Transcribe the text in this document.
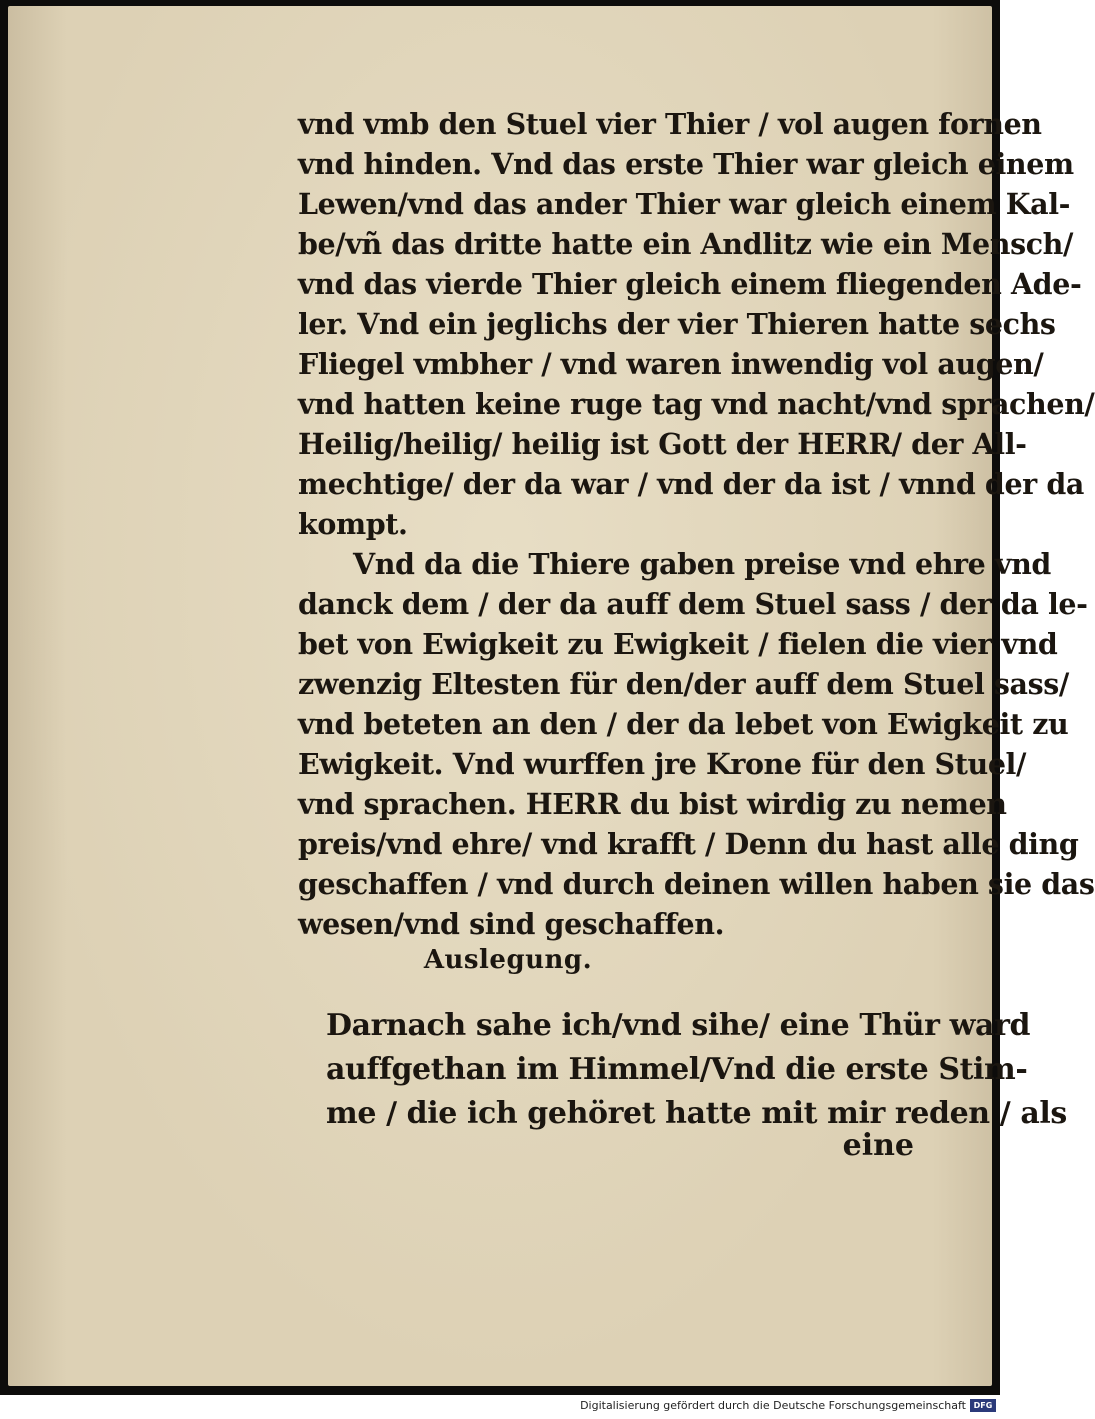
vnd vmb den Stuel vier Thier / vol augen fornen
vnd hinden. Vnd das erste Thier war gleich einem
Lewen/vnd das ander Thier war gleich einem Kal-
be/vñ das dritte hatte ein Andlitz wie ein Mensch/
vnd das vierde Thier gleich einem fliegenden Ade-
ler. Vnd ein jeglichs der vier Thieren hatte sechs
Fliegel vmbher / vnd waren inwendig vol augen/
vnd hatten keine ruge tag vnd nacht/vnd sprachen/
Heilig/heilig/ heilig ist Gott der HERR/ der All-
mechtige/ der da war / vnd der da ist / vnnd der da
kompt.
Vnd da die Thiere gaben preise vnd ehre vnd
danck dem / der da auff dem Stuel sass / der da le-
bet von Ewigkeit zu Ewigkeit / fielen die vier vnd
zwenzig Eltesten für den/der auff dem Stuel sass/
vnd beteten an den / der da lebet von Ewigkeit zu
Ewigkeit. Vnd wurffen jre Krone für den Stuel/
vnd sprachen. HERR du bist wirdig zu nemen
preis/vnd ehre/ vnd krafft / Denn du hast alle ding
geschaffen / vnd durch deinen willen haben sie das
wesen/vnd sind geschaffen.
Auslegung.
Darnach sahe ich/vnd sihe/ eine Thür ward
auffgethan im Himmel/Vnd die erste Stim-
me / die ich gehöret hatte mit mir reden / als
eine
Digitalisierung gefördert durch die Deutsche Forschungsgemeinschaft DFG
